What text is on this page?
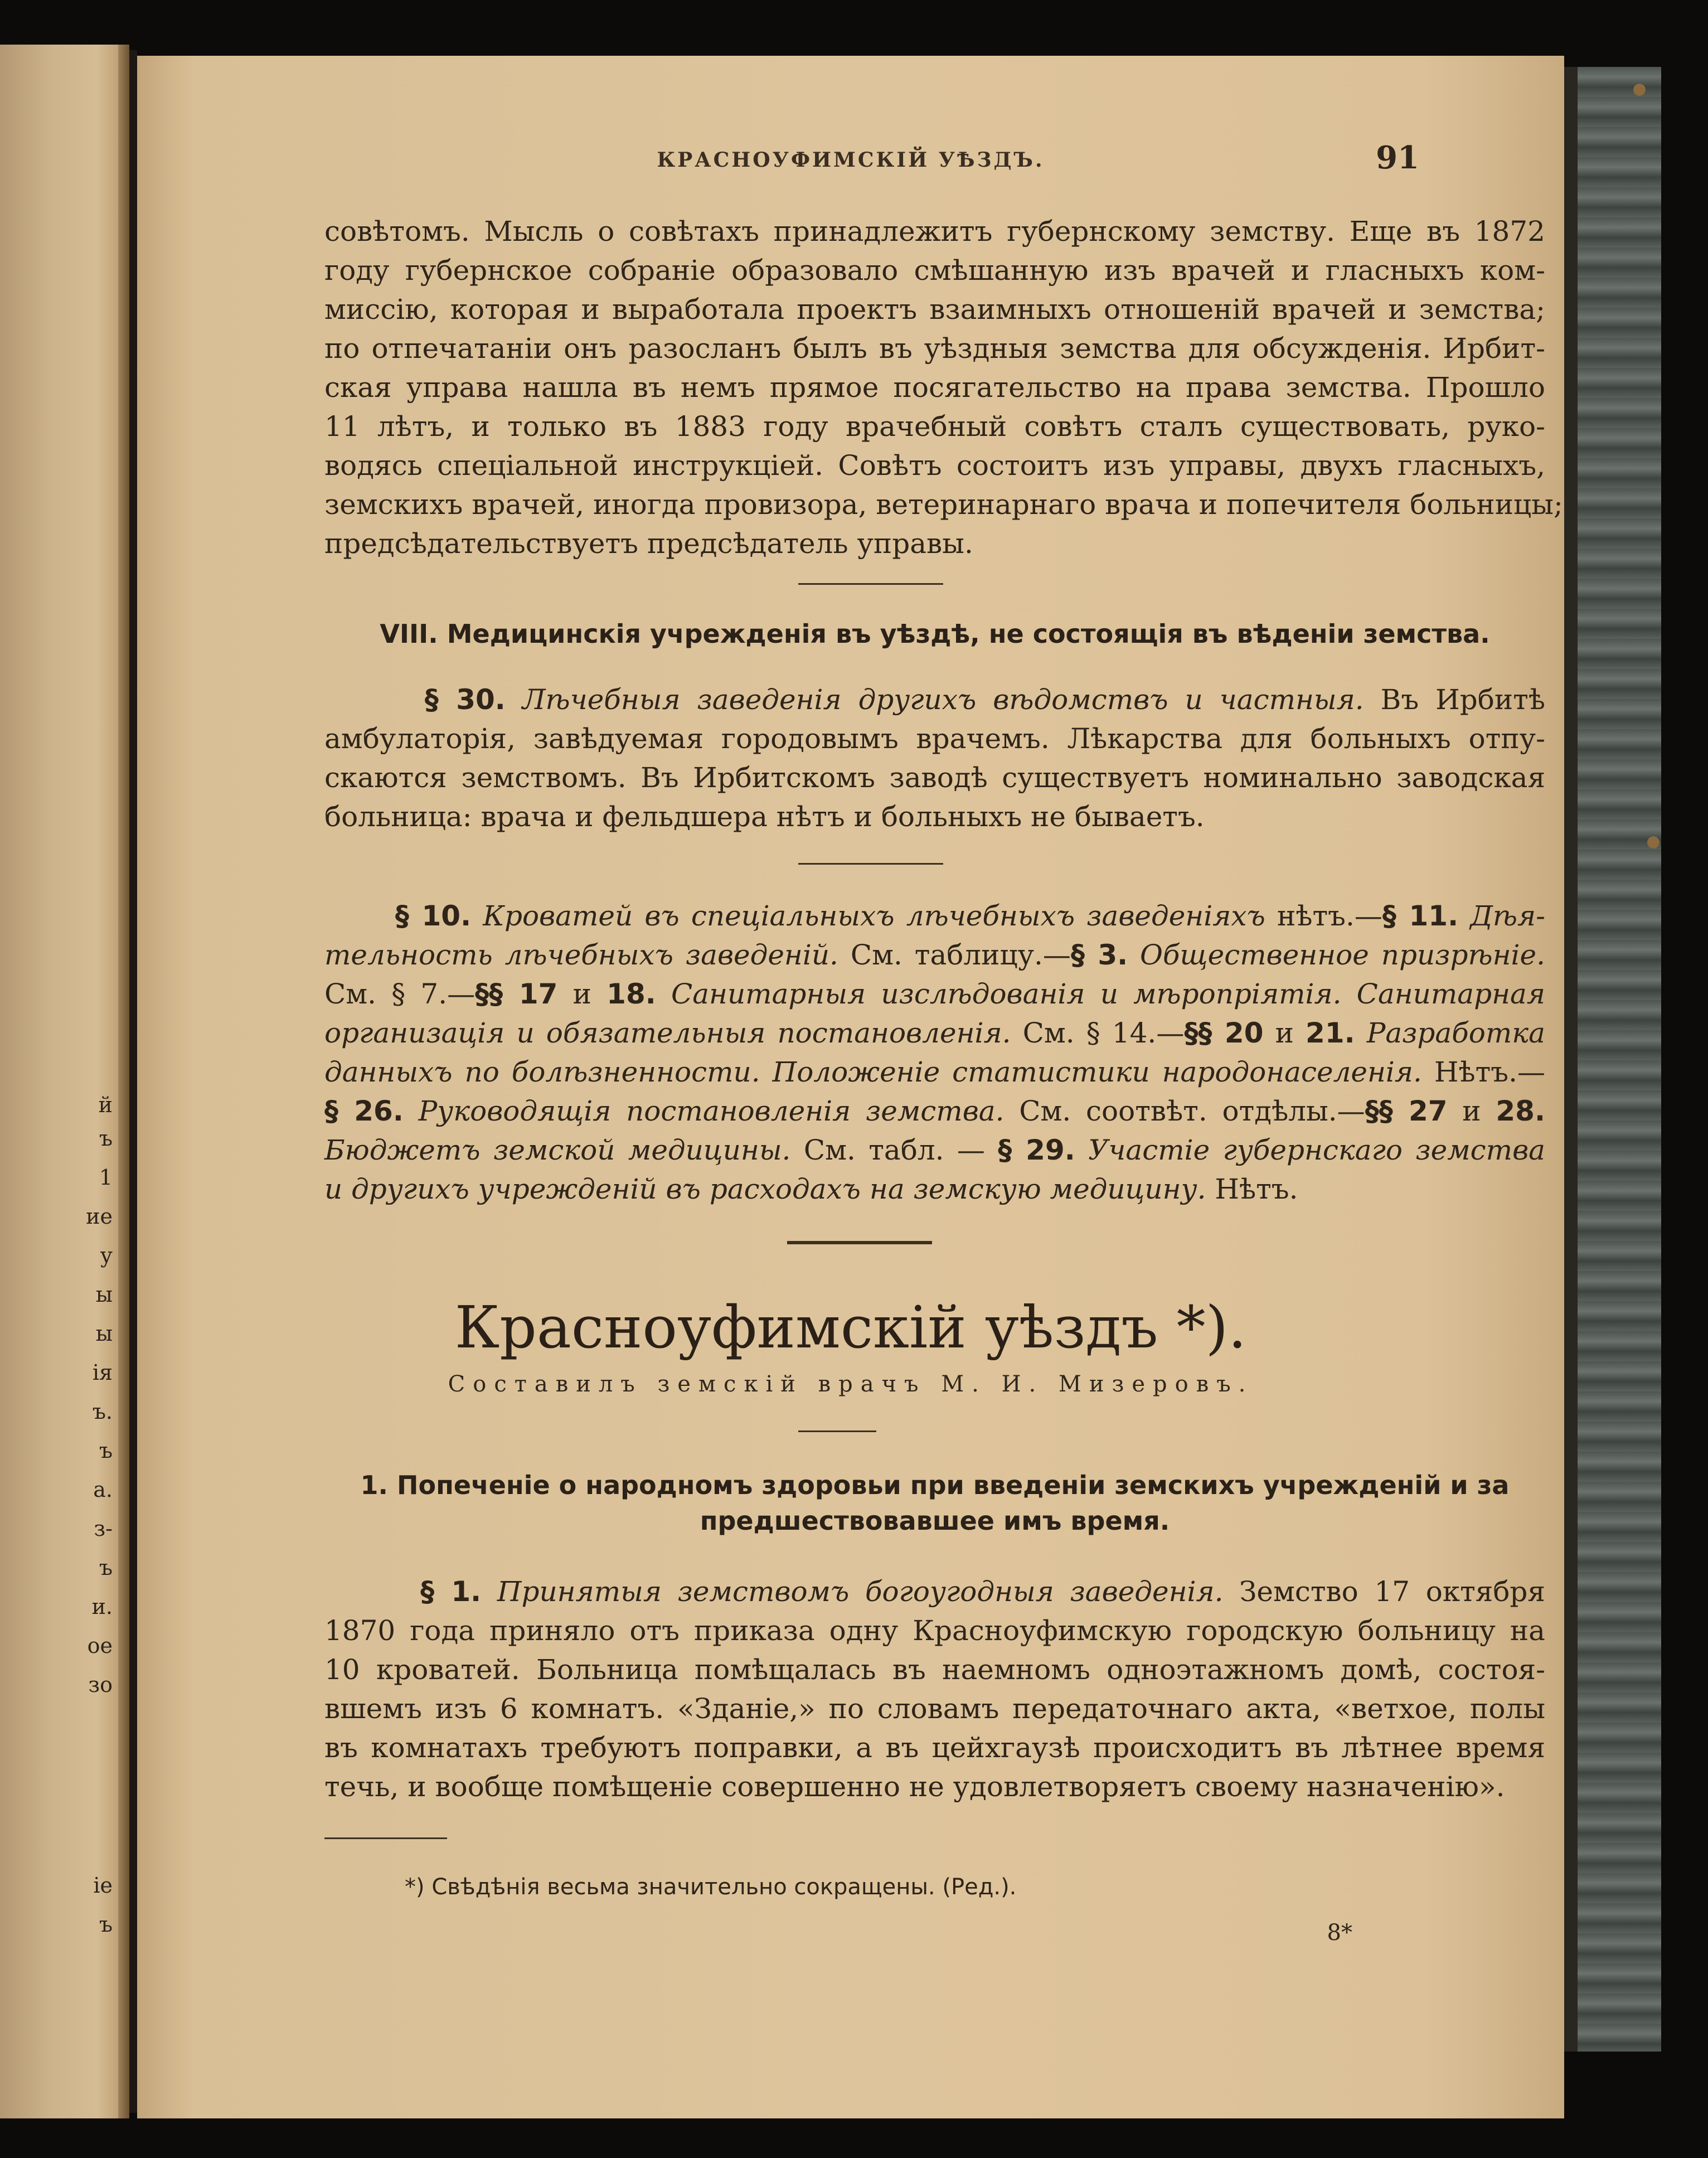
й
ъ
1
ие
у
ы
ы
ія
ъ.
ъ
а.
з-
ъ
и.
ое
зо
іе
ъ
КРАСНОУФИМСКІЙ УѢЗДЪ.	91
совѣтомъ. Мысль о совѣтахъ принадлежитъ губернскому земству. Еще въ 1872
году губернское собраніе образовало смѣшанную изъ врачей и гласныхъ ком-
миссію, которая и выработала проектъ взаимныхъ отношеній врачей и земства;
по отпечатаніи онъ разосланъ былъ въ уѣздныя земства для обсужденія. Ирбит-
ская управа нашла въ немъ прямое посягательство на права земства. Прошло
11 лѣтъ, и только въ 1883 году врачебный совѣтъ сталъ существовать, руко-
водясь спеціальной инструкціей. Совѣтъ состоитъ изъ управы, двухъ гласныхъ,
земскихъ врачей, иногда провизора, ветеринарнаго врача и попечителя больницы;
предсѣдательствуетъ предсѣдатель управы.
VIII. Медицинскія учрежденія въ уѣздѣ, не состоящія въ вѣденіи земства.
§ 30. Лѣчебныя заведенія другихъ вѣдомствъ и частныя. Въ Ирбитѣ
амбулаторія, завѣдуемая городовымъ врачемъ. Лѣкарства для больныхъ отпу-
скаются земствомъ. Въ Ирбитскомъ заводѣ существуетъ номинально заводская
больница: врача и фельдшера нѣтъ и больныхъ не бываетъ.
§ 10. Кроватей въ спеціальныхъ лѣчебныхъ заведеніяхъ нѣтъ.—§ 11. Дѣя-
тельность лѣчебныхъ заведеній. См. таблицу.—§ 3. Общественное призрѣніе.
См. § 7.—§§ 17 и 18. Санитарныя изслѣдованія и мѣропріятія. Санитарная
организація и обязательныя постановленія. См. § 14.—§§ 20 и 21. Разработка
данныхъ по болѣзненности. Положеніе статистики народонаселенія. Нѣтъ.—
§ 26. Руководящія постановленія земства. См. соотвѣт. отдѣлы.—§§ 27 и 28.
Бюджетъ земской медицины. См. табл. — § 29. Участіе губернскаго земства
и другихъ учрежденій въ расходахъ на земскую медицину. Нѣтъ.
Красноуфимскій уѣздъ *).
Составилъ земскій врачъ М. И. Мизеровъ.
1. Попеченіе о народномъ здоровьи при введеніи земскихъ учрежденій и за
предшествовавшее имъ время.
§ 1. Принятыя земствомъ богоугодныя заведенія. Земство 17 октября
1870 года приняло отъ приказа одну Красноуфимскую городскую больницу на
10 кроватей. Больница помѣщалась въ наемномъ одноэтажномъ домѣ, состоя-
вшемъ изъ 6 комнатъ. «Зданіе,» по словамъ передаточнаго акта, «ветхое, полы
въ комнатахъ требуютъ поправки, а въ цейхгаузѣ происходитъ въ лѣтнее время
течь, и вообще помѣщеніе совершенно не удовлетворяетъ своему назначенію».
*) Свѣдѣнія весьма значительно сокращены. (Ред.).
8*
